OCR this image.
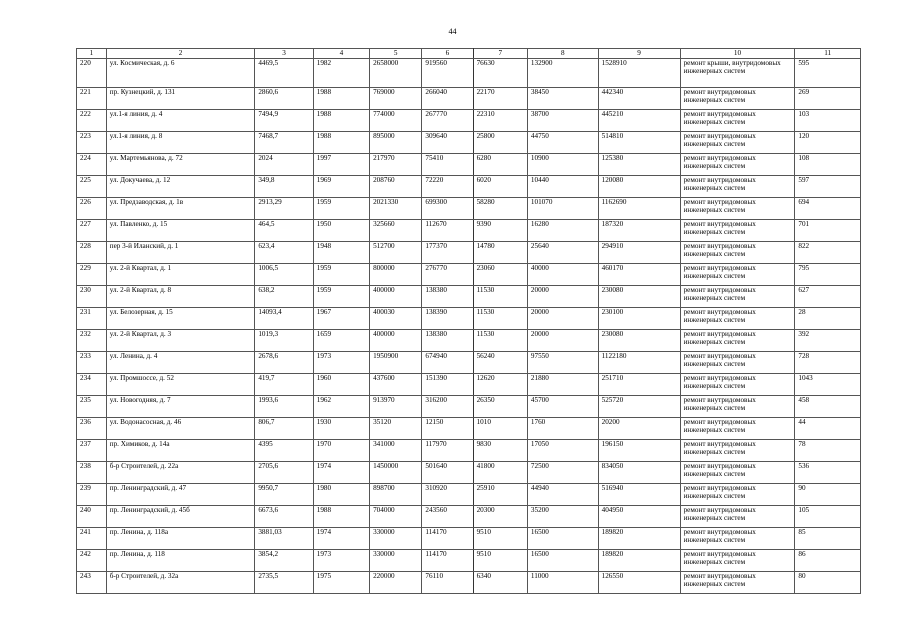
44
1	2	3	4	5	6	7	8	9	10	11
220	ул. Космическая, д. 6	4469,5	1982	2658000	919560	76630	132900	1528910	ремонт крыши, внутридомовых инженерных систем	595
221	пр. Кузнецкий, д. 131	2860,6	1988	769000	266040	22170	38450	442340	ремонт внутридомовых инженерных систем	269
222	ул.1-я линия, д. 4	7494,9	1988	774000	267770	22310	38700	445210	ремонт внутридомовых инженерных систем	103
223	ул.1-я линия, д. 8	7468,7	1988	895000	309640	25800	44750	514810	ремонт внутридомовых инженерных систем	120
224	ул. Мартемьянова, д. 72	2024	1997	217970	75410	6280	10900	125380	ремонт внутридомовых инженерных систем	108
225	ул. Докучаева, д. 12	349,8	1969	208760	72220	6020	10440	120080	ремонт внутридомовых инженерных систем	597
226	ул. Предзаводская, д. 1в	2913,29	1959	2021330	699300	58280	101070	1162690	ремонт внутридомовых инженерных систем	694
227	ул. Павленко, д. 15	464,5	1950	325660	112670	9390	16280	187320	ремонт внутридомовых инженерных систем	701
228	пер 3-й Иланский, д. 1	623,4	1948	512700	177370	14780	25640	294910	ремонт внутридомовых инженерных систем	822
229	ул. 2-й Квартал, д. 1	1006,5	1959	800000	276770	23060	40000	460170	ремонт внутридомовых инженерных систем	795
230	ул. 2-й Квартал, д. 8	638,2	1959	400000	138380	11530	20000	230080	ремонт внутридомовых инженерных систем	627
231	ул. Белозерная, д. 15	14093,4	1967	400030	138390	11530	20000	230100	ремонт внутридомовых инженерных систем	28
232	ул. 2-й Квартал, д. 3	1019,3	1659	400000	138380	11530	20000	230080	ремонт внутридомовых инженерных систем	392
233	ул. Ленина, д. 4	2678,6	1973	1950900	674940	56240	97550	1122180	ремонт внутридомовых инженерных систем	728
234	ул. Промшоссе, д. 52	419,7	1960	437600	151390	12620	21880	251710	ремонт внутридомовых инженерных систем	1043
235	ул. Новогодняя, д. 7	1993,6	1962	913970	316200	26350	45700	525720	ремонт внутридомовых инженерных систем	458
236	ул. Водонасосная, д. 46	806,7	1930	35120	12150	1010	1760	20200	ремонт внутридомовых инженерных систем	44
237	пр. Химиков, д. 14а	4395	1970	341000	117970	9830	17050	196150	ремонт внутридомовых инженерных систем	78
238	б-р Строителей, д. 22а	2705,6	1974	1450000	501640	41800	72500	834050	ремонт внутридомовых инженерных систем	536
239	пр. Ленинградский, д. 47	9950,7	1980	898700	310920	25910	44940	516940	ремонт внутридомовых инженерных систем	90
240	пр. Ленинградский, д. 45б	6673,6	1988	704000	243560	20300	35200	404950	ремонт внутридомовых инженерных систем	105
241	пр. Ленина, д. 118а	3881,03	1974	330000	114170	9510	16500	189820	ремонт внутридомовых инженерных систем	85
242	пр. Ленина, д. 118	3854,2	1973	330000	114170	9510	16500	189820	ремонт внутридомовых инженерных систем	86
243	б-р Строителей, д. 32а	2735,5	1975	220000	76110	6340	11000	126550	ремонт внутридомовых инженерных систем	80
